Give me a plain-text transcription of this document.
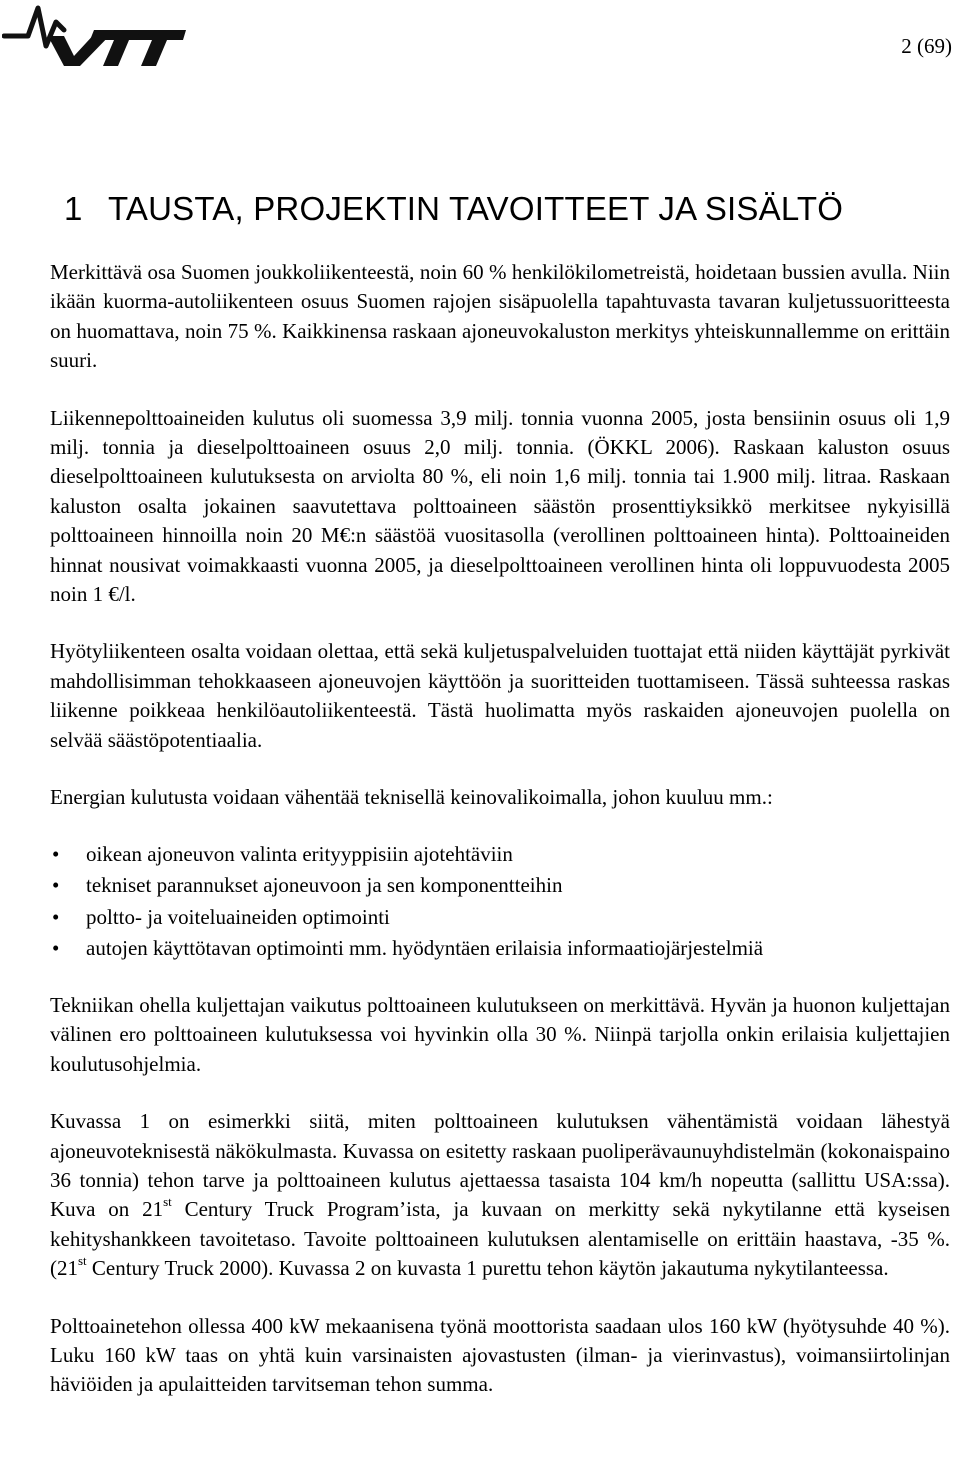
2 (69)
1 TAUSTA, PROJEKTIN TAVOITTEET JA SISÄLTÖ

Merkittävä osa Suomen joukkoliikenteestä, noin 60 % henkilökilometreistä, hoidetaan bussien avulla. Niin ikään kuorma-autoliikenteen osuus Suomen rajojen sisäpuolella tapahtuvasta tavaran kuljetussuoritteesta on huomattava, noin 75 %. Kaikkinensa raskaan ajoneuvokaluston merkitys yhteiskunnallemme on erittäin suuri.

Liikennepolttoaineiden kulutus oli suomessa 3,9 milj. tonnia vuonna 2005, josta bensiinin osuus oli 1,9 milj. tonnia ja dieselpolttoaineen osuus 2,0 milj. tonnia. (ÖKKL 2006). Raskaan kaluston osuus dieselpolttoaineen kulutuksesta on arviolta 80 %, eli noin 1,6 milj. tonnia tai 1.900 milj. litraa. Raskaan kaluston osalta jokainen saavutettava polttoaineen säästön prosenttiyksikkö merkitsee nykyisillä polttoaineen hinnoilla noin 20 M€:n säästöä vuositasolla (verollinen polttoaineen hinta). Polttoaineiden hinnat nousivat voimakkaasti vuonna 2005, ja dieselpolttoaineen verollinen hinta oli loppuvuodesta 2005 noin 1 €/l.

Hyötyliikenteen osalta voidaan olettaa, että sekä kuljetuspalveluiden tuottajat että niiden käyttäjät pyrkivät mahdollisimman tehokkaaseen ajoneuvojen käyttöön ja suoritteiden tuottamiseen. Tässä suhteessa raskas liikenne poikkeaa henkilöautoliikenteestä. Tästä huolimatta myös raskaiden ajoneuvojen puolella on selvää säästöpotentiaalia.

Energian kulutusta voidaan vähentää teknisellä keinovalikoimalla, johon kuuluu mm.:

• oikean ajoneuvon valinta erityyppisiin ajotehtäviin
• tekniset parannukset ajoneuvoon ja sen komponentteihin
• poltto- ja voiteluaineiden optimointi
• autojen käyttötavan optimointi mm. hyödyntäen erilaisia informaatiojärjestelmiä

Tekniikan ohella kuljettajan vaikutus polttoaineen kulutukseen on merkittävä. Hyvän ja huonon kuljettajan välinen ero polttoaineen kulutuksessa voi hyvinkin olla 30 %. Niinpä tarjolla onkin erilaisia kuljettajien koulutusohjelmia.

Kuvassa 1 on esimerkki siitä, miten polttoaineen kulutuksen vähentämistä voidaan lähestyä ajoneuvoteknisestä näkökulmasta. Kuvassa on esitetty raskaan puoliperävaunuyhdistelmän (kokonaispaino 36 tonnia) tehon tarve ja polttoaineen kulutus ajettaessa tasaista 104 km/h nopeutta (sallittu USA:ssa). Kuva on 21st Century Truck Program’ista, ja kuvaan on merkitty sekä nykytilanne että kyseisen kehityshankkeen tavoitetaso. Tavoite polttoaineen kulutuksen alentamiselle on erittäin haastava, -35 %. (21st Century Truck 2000). Kuvassa 2 on kuvasta 1 purettu tehon käytön jakautuma nykytilanteessa.

Polttoainetehon ollessa 400 kW mekaanisena työnä moottorista saadaan ulos 160 kW (hyötysuhde 40 %). Luku 160 kW taas on yhtä kuin varsinaisten ajovastusten (ilman- ja vierinvastus), voimansiirtolinjan häviöiden ja apulaitteiden tarvitseman tehon summa.
